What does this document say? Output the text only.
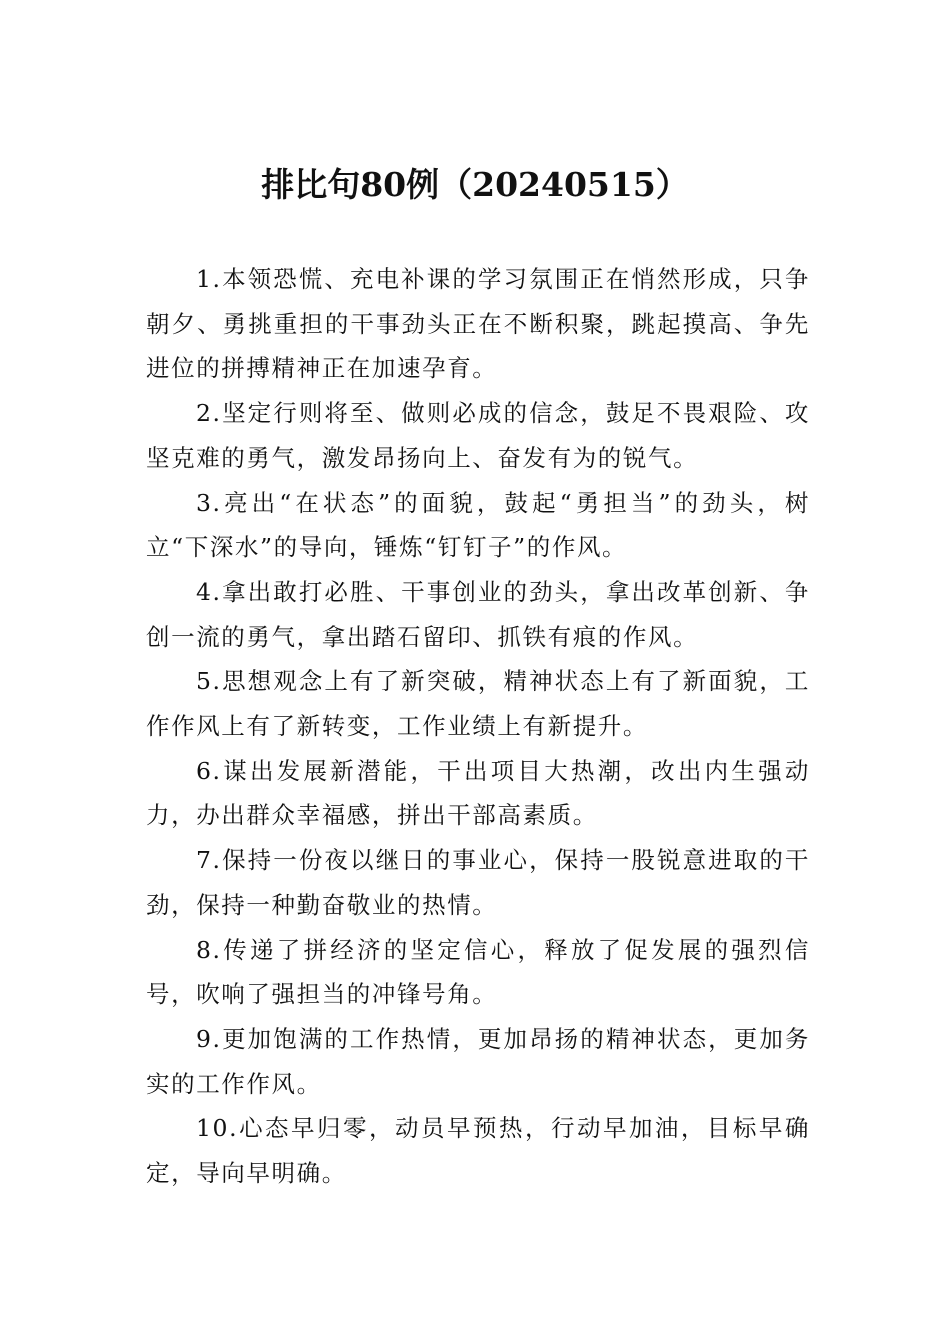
排比句80例（20240515）

1.本领恐慌、充电补课的学习氛围正在悄然形成，只争朝夕、勇挑重担的干事劲头正在不断积聚，跳起摸高、争先进位的拼搏精神正在加速孕育。

2.坚定行则将至、做则必成的信念，鼓足不畏艰险、攻坚克难的勇气，激发昂扬向上、奋发有为的锐气。

3.亮出“在状态”的面貌，鼓起“勇担当”的劲头，树立“下深水”的导向，锤炼“钉钉子”的作风。

4.拿出敢打必胜、干事创业的劲头，拿出改革创新、争创一流的勇气，拿出踏石留印、抓铁有痕的作风。

5.思想观念上有了新突破，精神状态上有了新面貌，工作作风上有了新转变，工作业绩上有新提升。

6.谋出发展新潜能，干出项目大热潮，改出内生强动力，办出群众幸福感，拼出干部高素质。

7.保持一份夜以继日的事业心，保持一股锐意进取的干劲，保持一种勤奋敬业的热情。

8.传递了拼经济的坚定信心，释放了促发展的强烈信号，吹响了强担当的冲锋号角。

9.更加饱满的工作热情，更加昂扬的精神状态，更加务实的工作作风。

10.心态早归零，动员早预热，行动早加油，目标早确定，导向早明确。
